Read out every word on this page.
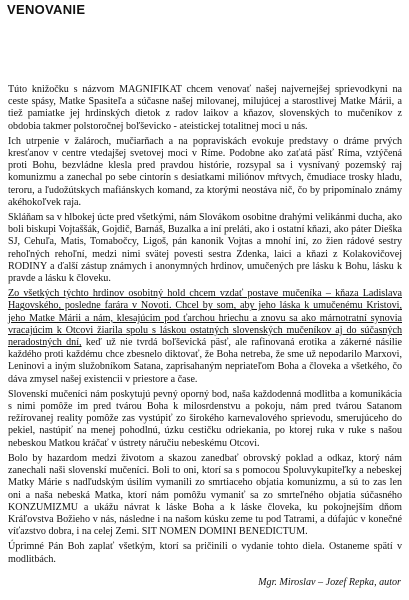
VENOVANIE

Túto knižočku s názvom MAGNIFIKAT chcem venovať našej najvernejšej sprievodkyni na ceste spásy, Matke Spasiteľa a súčasne našej milovanej, milujúcej a starostlivej Matke Márii, a tiež pamiatke jej hrdinských dietok z radov laikov a kňazov, slovenských to mučeníkov z obdobia takmer polstoročnej boľševicko - ateistickej totalitnej moci u nás.

Ich utrpenie v žalároch, mučiarňach a na popraviskách evokuje predstavy o dráme prvých kresťanov v centre vtedajšej svetovej moci v Ríme. Podobne ako zaťatá päsť Ríma, vztýčená proti Bohu, bezvládne klesla pred pravdou histórie, rozsypal sa i vysnívaný pozemský raj komunizmu a zanechal po sebe cintorín s desiatkami miliónov mŕtvych, čmudiace trosky hladu, teroru, a ľudožútskych mafiánskych komand, za ktorými neostáva nič, čo by pripomínalo známy akéhokoľvek raja.

Skláňam sa v hlbokej úcte pred všetkými, nám Slovákom osobitne drahými velikánmi ducha, ako boli biskupi Vojtaššák, Gojdič, Barnáš, Buzalka a iní preláti, ako i ostatní kňazi, ako páter Dieška SJ, Cehuľa, Matis, Tomabočcy, Ligoš, pán kanonik Vojtas a mnohí iní, zo žien rádové sestry rehoľných rehoľní, medzi nimi svätej povesti sestra Zdenka, laici a kňazi z Kolakovičovej RODINY a ďalší zástup známych i anonymných hrdinov, umučených pre lásku k Bohu, lásku k pravde a lásku k človeku.

Zo všetkých týchto hrdinov osobitný hold chcem vzdať postave mučeníka – kňaza Ladislava Hagovského, posledne farára v Novoti. Chcel by som, aby jeho láska k umučenému Kristovi, jeho Matke Márii a nám, klesajúcim pod ťarchou hriechu a znovu sa ako márnotratní synovia vracajúcim k Otcovi žiarila spolu s láskou ostatných slovenských mučeníkov aj do súčasných neradostných dní, keď už nie tvrdá boľševická päsť, ale rafinovaná erotika a zákerné násilie každého proti každému chce zbesnelo diktovať, že Boha netreba, že sme už nepodarilo Marxovi, Leninovi a iným služobníkom Satana, zaprisahaným nepriateľom Boha a človeka a všetkého, čo dáva zmysel našej existencii v priestore a čase.

Slovenskí mučeníci nám poskytujú pevný oporný bod, naša každodenná modlitba a komunikácia s nimi pomôže im pred tvárou Boha k milosrdenstvu a pokoju, nám pred tvárou Satanom režírovanej reality pomôže zas vystúpiť zo širokého karnevalového sprievodu, smerujúceho do pekiel, nastúpiť na menej pohodlnú, úzku cestičku odriekania, po ktorej ruka v ruke s našou nebeskou Matkou kráčať v ústrety náručiu nebeskému Otcovi.

Bolo by hazardom medzi životom a skazou zanedbať obrovský poklad a odkaz, ktorý nám zanechali naši slovenskí mučeníci. Boli to oni, ktorí sa s pomocou Spoluvykupiteľky a nebeskej Matky Márie s nadľudským úsilím vymanili zo smrtiaceho objatia komunizmu, a sú to zas len oni a naša nebeská Matka, ktorí nám pomôžu vymaniť sa zo smrteľného objatia súčasného KONZUMIZMU a ukážu návrat k láske Boha a k láske človeka, ku pokojnejším dňom Kráľovstva Božieho v nás, následne i na našom kúsku zeme tu pod Tatrami, a dúfajúc v konečné víťazstvo dobra, i na celej Zemi. SIT NOMEN DOMINI BENEDICTUM.

Úprimné Pán Boh zaplať všetkým, ktorí sa pričinili o vydanie tohto diela. Ostaneme spätí v modlitbách.

Mgr. Miroslav – Jozef Repka, autor
